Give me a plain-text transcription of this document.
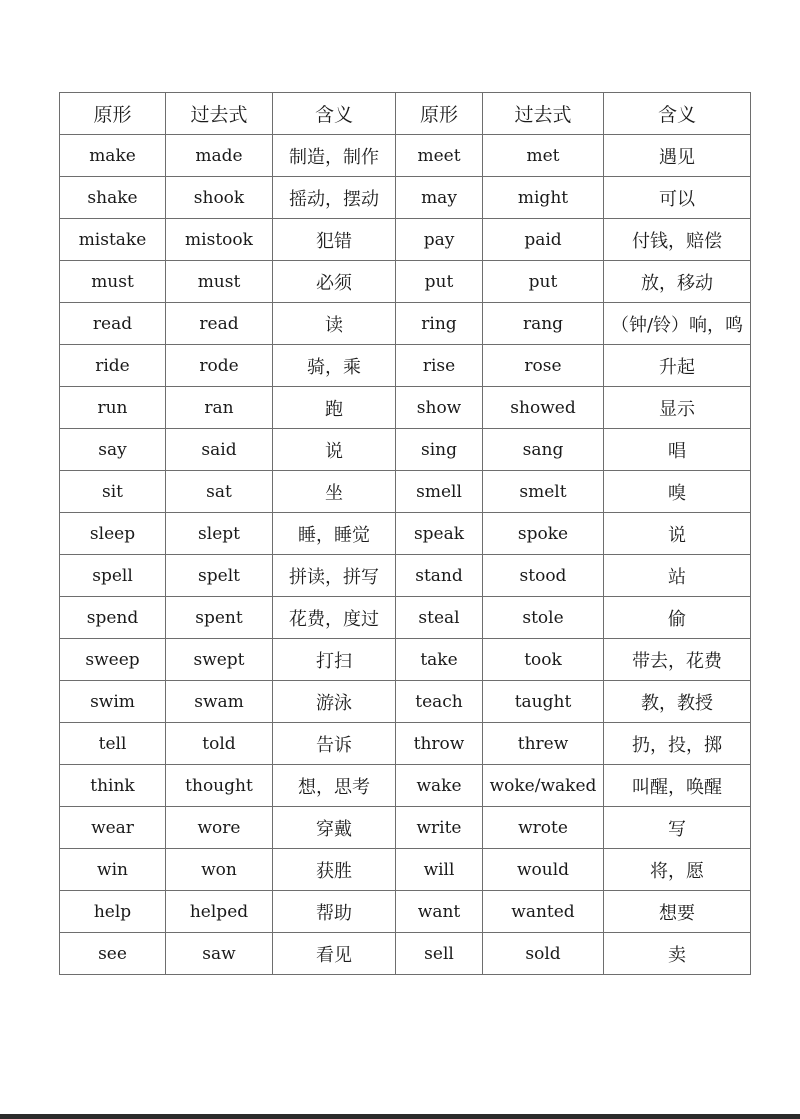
原形	过去式	含义	原形	过去式	含义
make	made	制造，制作	meet	met	遇见
shake	shook	摇动，摆动	may	might	可以
mistake	mistook	犯错	pay	paid	付钱，赔偿
must	must	必须	put	put	放，移动
read	read	读	ring	rang	（钟/铃）响，鸣
ride	rode	骑，乘	rise	rose	升起
run	ran	跑	show	showed	显示
say	said	说	sing	sang	唱
sit	sat	坐	smell	smelt	嗅
sleep	slept	睡，睡觉	speak	spoke	说
spell	spelt	拼读，拼写	stand	stood	站
spend	spent	花费，度过	steal	stole	偷
sweep	swept	打扫	take	took	带去，花费
swim	swam	游泳	teach	taught	教，教授
tell	told	告诉	throw	threw	扔，投，掷
think	thought	想，思考	wake	woke/waked	叫醒，唤醒
wear	wore	穿戴	write	wrote	写
win	won	获胜	will	would	将，愿
help	helped	帮助	want	wanted	想要
see	saw	看见	sell	sold	卖
